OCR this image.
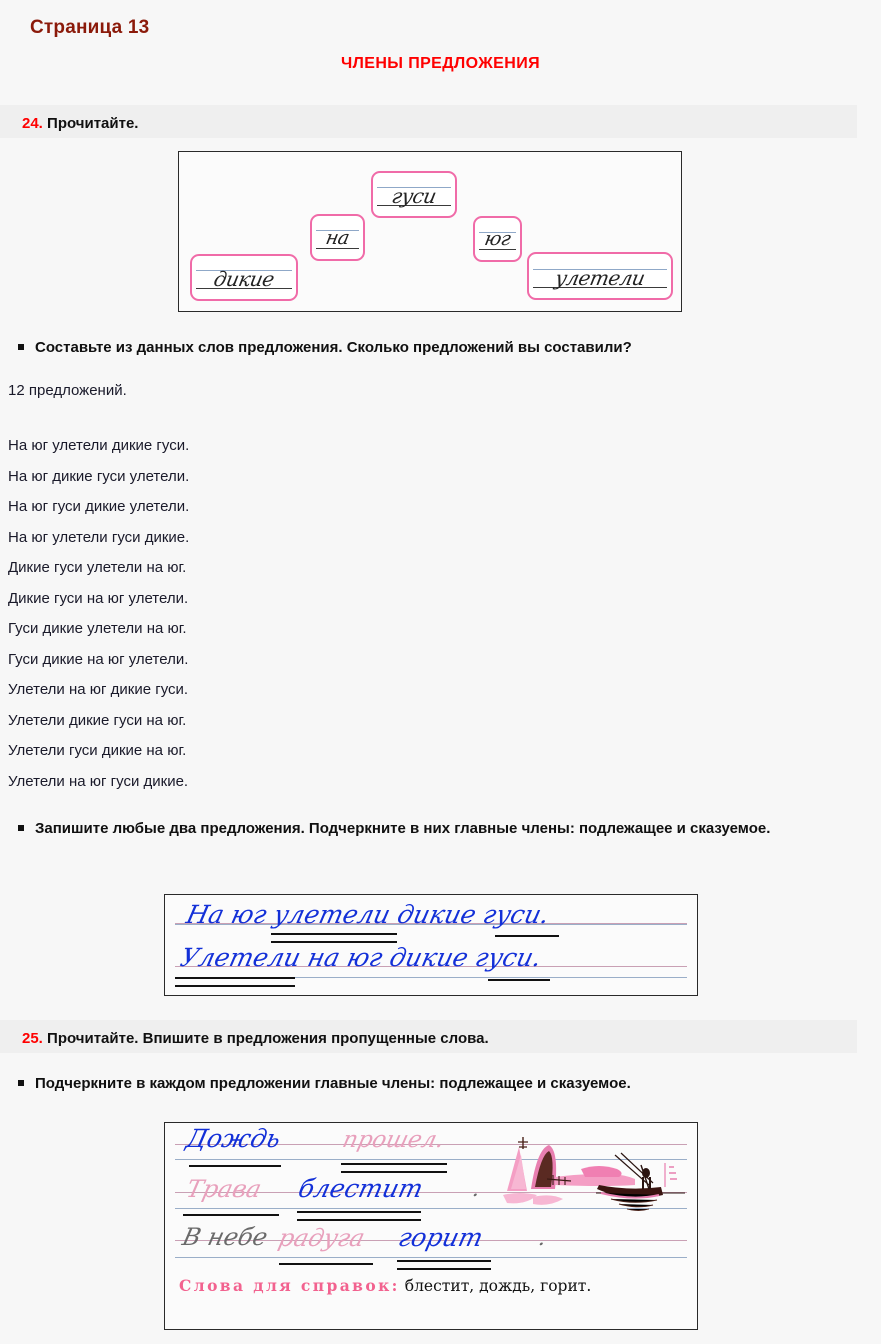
Страница 13
ЧЛЕНЫ ПРЕДЛОЖЕНИЯ
24. Прочитайте.
гуси
на	юг
дикие	улетели
Составьте из данных слов предложения. Сколько предложений вы составили?
12 предложений.
На юг улетели дикие гуси.
На юг дикие гуси улетели.
На юг гуси дикие улетели.
На юг улетели гуси дикие.
Дикие гуси улетели на юг.
Дикие гуси на юг улетели.
Гуси дикие улетели на юг.
Гуси дикие на юг улетели.
Улетели на юг дикие гуси.
Улетели дикие гуси на юг.
Улетели гуси дикие на юг.
Улетели на юг гуси дикие.
Запишите любые два предложения. Подчеркните в них главные члены: подлежащее и сказуемое.
На юг улетели дикие гуси.
Улетели на юг дикие гуси.
25. Прочитайте. Впишите в предложения пропущенные слова.
Подчеркните в каждом предложении главные члены: подлежащее и сказуемое.
Дождь прошел.
Трава блестит .
В небе радуга горит .
Слова для справок: блестит, дождь, горит.
